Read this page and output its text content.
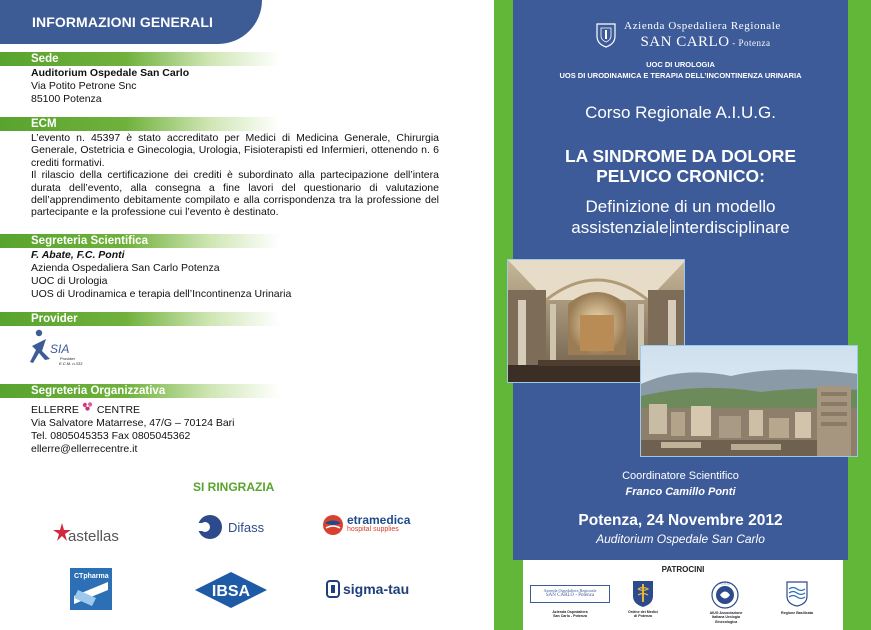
INFORMAZIONI GENERALI
Sede
Auditorium Ospedale San Carlo
Via Potito Petrone Snc
85100 Potenza
ECM

L’evento n. 45397 è stato accreditato per Medici di Medicina Generale, Chirurgia Generale, Ostetricia e Ginecologia, Urologia, Fisioterapisti ed Infermieri, ottenendo n. 6 crediti formativi.

Il rilascio della certificazione dei crediti è subordinato alla partecipazione dell’intera durata dell’evento, alla consegna a fine lavori del questionario di valutazione dell’apprendimento debitamente compilato e alla corrispondenza tra la professione del partecipante e la professione cui l’evento è destinato.

Segreteria Scientifica
F. Abate, F.C. Ponti
Azienda Ospedaliera San Carlo Potenza
UOC di Urologia
UOS di Urodinamica e terapia dell’Incontinenza Urinaria
Provider
SIA
Provider
E.C.M. n.333
Segreteria Organizzativa
ELLERRE CENTRE
Via Salvatore Matarrese, 47/G – 70124 Bari
Tel. 0805045353 Fax 0805045362
ellerre@ellerrecentre.it
SI RINGRAZIA
astellas
Difass	etramedica
hospital supplies
CTpharma
IBSA	sigma-tau
Azienda Ospedaliera Regionale
SAN CARLO - Potenza
UOC DI UROLOGIA
UOS DI URODINAMICA E TERAPIA DELL’INCONTINENZA URINARIA
Corso Regionale A.I.U.G.
LA SINDROME DA DOLORE
PELVICO CRONICO:
Definizione di un modello
assistenziale interdisciplinare
Coordinatore Scientifico
Franco Camillo Ponti
Potenza, 24 Novembre 2012
Auditorium Ospedale San Carlo
PATROCINI
Azienda Ospedaliera Regionale
SAN CARLO - Potenza
Azienda Ospedaliera
San Carlo - Potenza
Ordine dei Medici
di Potenza
A.I.U.G.
AIUG Associazione
Italiana Urologia
Ginecologica
Regione Basilicata
